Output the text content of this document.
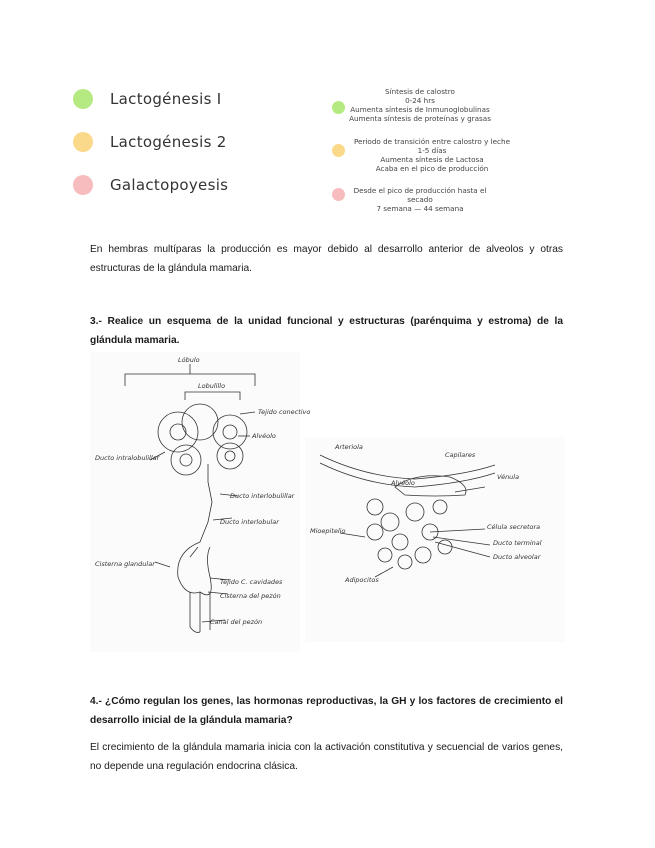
Lactogénesis I
Lactogénesis 2
Galactopoyesis
Síntesis de calostro
0-24 hrs
Aumenta síntesis de Inmunoglobulinas
Aumenta síntesis de proteínas y grasas
Periodo de transición entre calostro y leche
1-5 días
Aumenta síntesis de Lactosa
Acaba en el pico de producción
Desde el pico de producción hasta el
secado
7 semana — 44 semana
En hembras multíparas la producción es mayor debido al desarrollo anterior de alveolos y otras estructuras de la glándula mamaria.
3.- Realice un esquema de la unidad funcional y estructuras (parénquima y estroma) de la glándula mamaria.
Lóbulo
Lobulillo
Tejido conectivo
Alvéolo
Ducto intralobulillar
Ducto interlobulillar
Ducto interlobular
Cisterna glandular
Tejido C. cavidades
Cisterna del pezón
Canal del pezón
Arteriola
Capilares
Vénula
Mioepitelio
Alvéolo
Célula secretora
Ducto terminal
Ducto alveolar
Adipocitos
4.- ¿Cómo regulan los genes, las hormonas reproductivas, la GH y los factores de crecimiento el desarrollo inicial de la glándula mamaria?
El crecimiento de la glándula mamaria inicia con la activación constitutiva y secuencial de varios genes, no depende una regulación endocrina clásica.
